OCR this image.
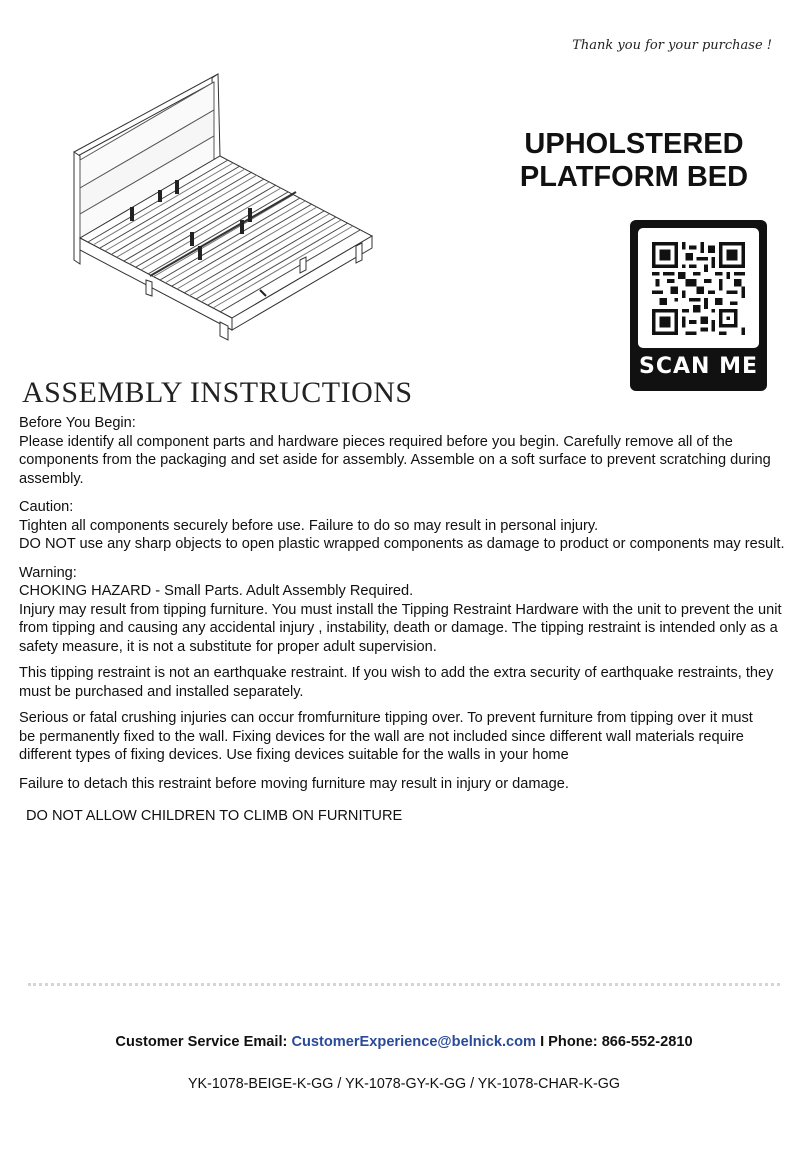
Thank you for your purchase !
UPHOLSTERED
PLATFORM BED
SCAN ME
ASSEMBLY INSTRUCTIONS

Before You Begin:

Please identify all component parts and hardware pieces required before you begin. Carefully remove all of the components from the packaging and set aside for assembly. Assemble on a soft surface to prevent scratching during assembly.

Caution:

Tighten all components securely before use. Failure to do so may result in personal injury.

DO NOT use any sharp objects to open plastic wrapped components as damage to product or components may result.

Warning:

CHOKING HAZARD - Small Parts. Adult Assembly Required.

Injury may result from tipping furniture. You must install the Tipping Restraint Hardware with the unit to prevent the unit from tipping and causing any accidental injury , instability, death or damage. The tipping restraint is intended only as a safety measure, it is not a substitute for proper adult supervision.

This tipping restraint is not an earthquake restraint. If you wish to add the extra security of earthquake restraints, they must be purchased and installed separately.

Serious or fatal crushing injuries can occur fromfurniture tipping over. To prevent furniture from tipping over it must be permanently fixed to the wall. Fixing devices for the wall are not included since different wall materials require different types of fixing devices. Use fixing devices suitable for the walls in your home

Failure to detach this restraint before moving furniture may result in injury or damage.

DO NOT ALLOW CHILDREN TO CLIMB ON FURNITURE

Customer Service Email: CustomerExperience@belnick.com I Phone: 866-552-2810
YK-1078-BEIGE-K-GG / YK-1078-GY-K-GG / YK-1078-CHAR-K-GG
